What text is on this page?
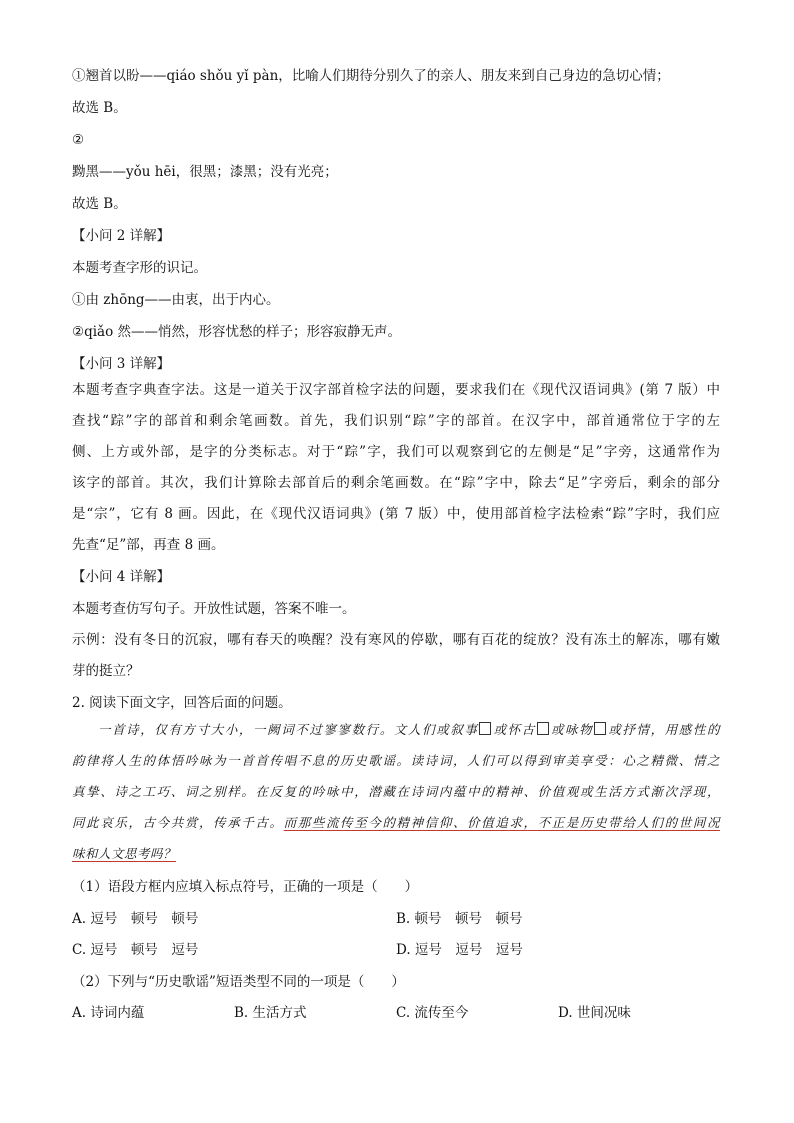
①翘首以盼——qiáo shǒu yǐ pàn，比喻人们期待分别久了的亲人、朋友来到自己身边的急切心情；
故选 B。
②
黝黑——yǒu hēi，很黑；漆黑；没有光亮；
故选 B。
【小问 2 详解】
本题考查字形的识记。
①由 zhōng——由衷，出于内心。
②qiǎo 然——悄然，形容忧愁的样子；形容寂静无声。
【小问 3 详解】
本题考查字典查字法。这是一道关于汉字部首检字法的问题，要求我们在《现代汉语词典》(第 7 版）中
查找“踪”字的部首和剩余笔画数。首先，我们识别“踪”字的部首。在汉字中，部首通常位于字的左
侧、上方或外部，是字的分类标志。对于“踪”字，我们可以观察到它的左侧是“足”字旁，这通常作为
该字的部首。其次，我们计算除去部首后的剩余笔画数。在“踪”字中，除去“足”字旁后，剩余的部分
是“宗”，它有 8 画。因此，在《现代汉语词典》(第 7 版）中，使用部首检字法检索“踪”字时，我们应
先查“足”部，再查 8 画。
【小问 4 详解】
本题考查仿写句子。开放性试题，答案不唯一。
示例：没有冬日的沉寂，哪有春天的唤醒？没有寒风的停歇，哪有百花的绽放？没有冻土的解冻，哪有嫩
芽的挺立？
2. 阅读下面文字，回答后面的问题。
一首诗，仅有方寸大小，一阙词不过寥寥数行。文人们或叙事 或怀古 或咏物 或抒情，用感性的
韵律将人生的体悟吟咏为一首首传唱不息的历史歌谣。读诗词，人们可以得到审美享受：心之精微、情之
真挚、诗之工巧、词之别样。在反复的吟咏中，潜藏在诗词内蕴中的精神、价值观或生活方式渐次浮现，
同此哀乐，古今共赏，传承千古。而那些流传至今的精神信仰、价值追求，不正是历史带给人们的世间况
味和人文思考吗？
（1）语段方框内应填入标点符号，正确的一项是（　　）
A. 逗号　顿号　顿号	B. 顿号　顿号　顿号
C. 逗号　顿号　逗号	D. 逗号　逗号　逗号
（2）下列与“历史歌谣”短语类型不同的一项是（　　）
A. 诗词内蕴	B. 生活方式	C. 流传至今	D. 世间况味
